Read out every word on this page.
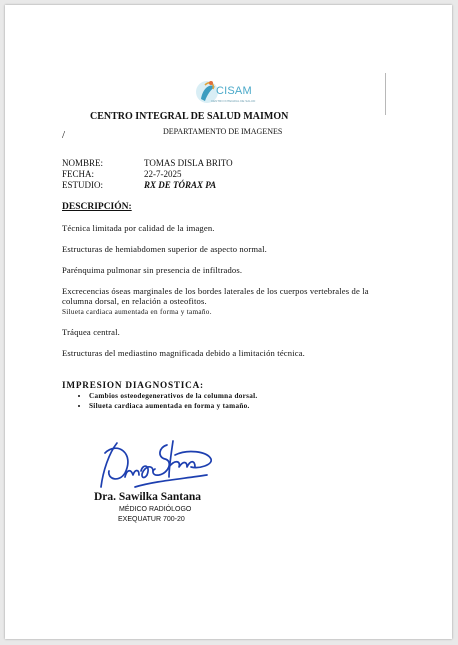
CISAM
CENTRO INTEGRAL DE SALUD
CENTRO INTEGRAL DE SALUD MAIMON
/	DEPARTAMENTO DE IMAGENES
NOMBRE:	TOMAS DISLA BRITO
FECHA:	22-7-2025
ESTUDIO:	RX DE TÓRAX PA
DESCRIPCIÓN:
Técnica limitada por calidad de la imagen.
Estructuras de hemiabdomen superior de aspecto normal.
Parénquima pulmonar sin presencia de infiltrados.
Excrecencias óseas marginales de los bordes laterales de los cuerpos vertebrales de la columna dorsal, en relación a osteofitos.
Silueta cardiaca aumentada en forma y tamaño.
Tráquea central.
Estructuras del mediastino magnificada debido a limitación técnica.
IMPRESION DIAGNOSTICA:
• Cambios osteodegenerativos de la columna dorsal.
• Silueta cardiaca aumentada en forma y tamaño.
Dra. Sawilka Santana
MÉDICO RADIÓLOGO
EXEQUATUR 700-20
